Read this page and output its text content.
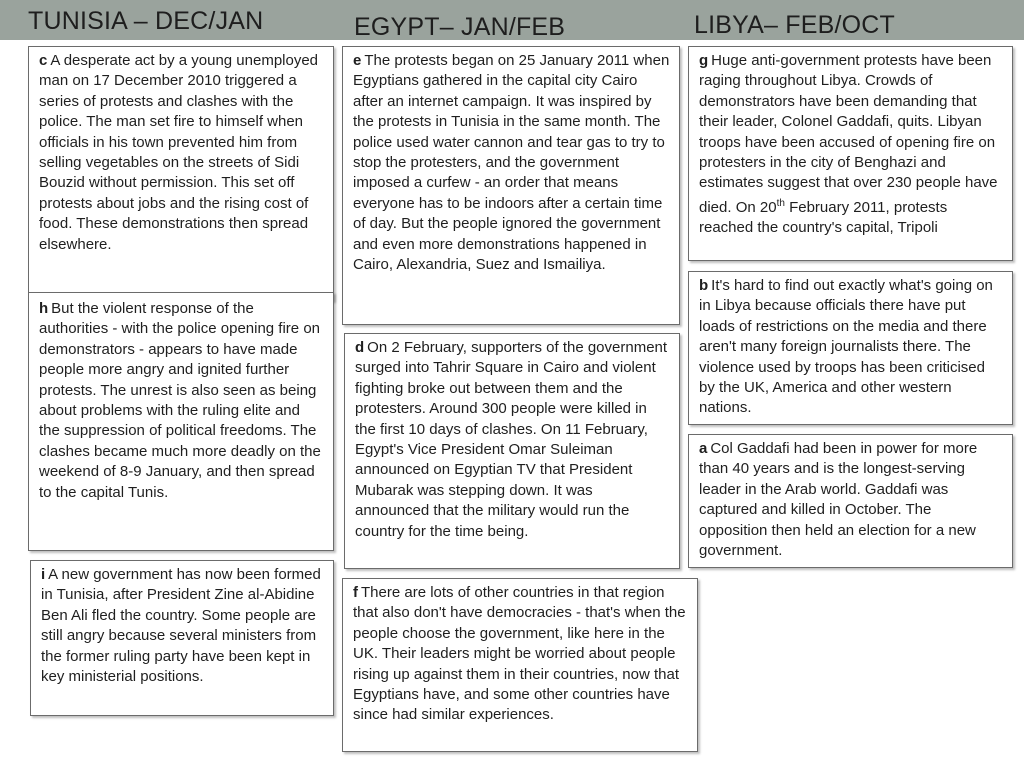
TUNISIA – DEC/JAN	EGYPT– JAN/FEB	LIBYA– FEB/OCT
c A desperate act by a young unemployed man on 17 December 2010 triggered a series of protests and clashes with the police. The man set fire to himself when officials in his town prevented him from selling vegetables on the streets of Sidi Bouzid without permission. This set off protests about jobs and the rising cost of food. These demonstrations then spread elsewhere.
h But the violent response of the authorities - with the police opening fire on demonstrators - appears to have made people more angry and ignited further protests. The unrest is also seen as being about problems with the ruling elite and the suppression of political freedoms. The clashes became much more deadly on the weekend of 8-9 January, and then spread to the capital Tunis.
i A new government has now been formed in Tunisia, after President Zine al-Abidine Ben Ali fled the country. Some people are still angry because several ministers from the former ruling party have been kept in key ministerial positions.
e The protests began on 25 January 2011 when Egyptians gathered in the capital city Cairo after an internet campaign. It was inspired by the protests in Tunisia in the same month. The police used water cannon and tear gas to try to stop the protesters, and the government imposed a curfew - an order that means everyone has to be indoors after a certain time of day. But the people ignored the government and even more demonstrations happened in Cairo, Alexandria, Suez and Ismailiya.
d On 2 February, supporters of the government surged into Tahrir Square in Cairo and violent fighting broke out between them and the protesters. Around 300 people were killed in the first 10 days of clashes. On 11 February, Egypt's Vice President Omar Suleiman announced on Egyptian TV that President Mubarak was stepping down. It was announced that the military would run the country for the time being.
f There are lots of other countries in that region that also don't have democracies - that's when the people choose the government, like here in the UK. Their leaders might be worried about people rising up against them in their countries, now that Egyptians have, and some other countries have since had similar experiences.
g Huge anti-government protests have been raging throughout Libya. Crowds of demonstrators have been demanding that their leader, Colonel Gaddafi, quits. Libyan troops have been accused of opening fire on protesters in the city of Benghazi and estimates suggest that over 230 people have died. On 20th February 2011, protests reached the country's capital, Tripoli
b It's hard to find out exactly what's going on in Libya because officials there have put loads of restrictions on the media and there aren't many foreign journalists there. The violence used by troops has been criticised by the UK, America and other western nations.
a Col Gaddafi had been in power for more than 40 years and is the longest-serving leader in the Arab world. Gaddafi was captured and killed in October. The opposition then held an election for a new government.
